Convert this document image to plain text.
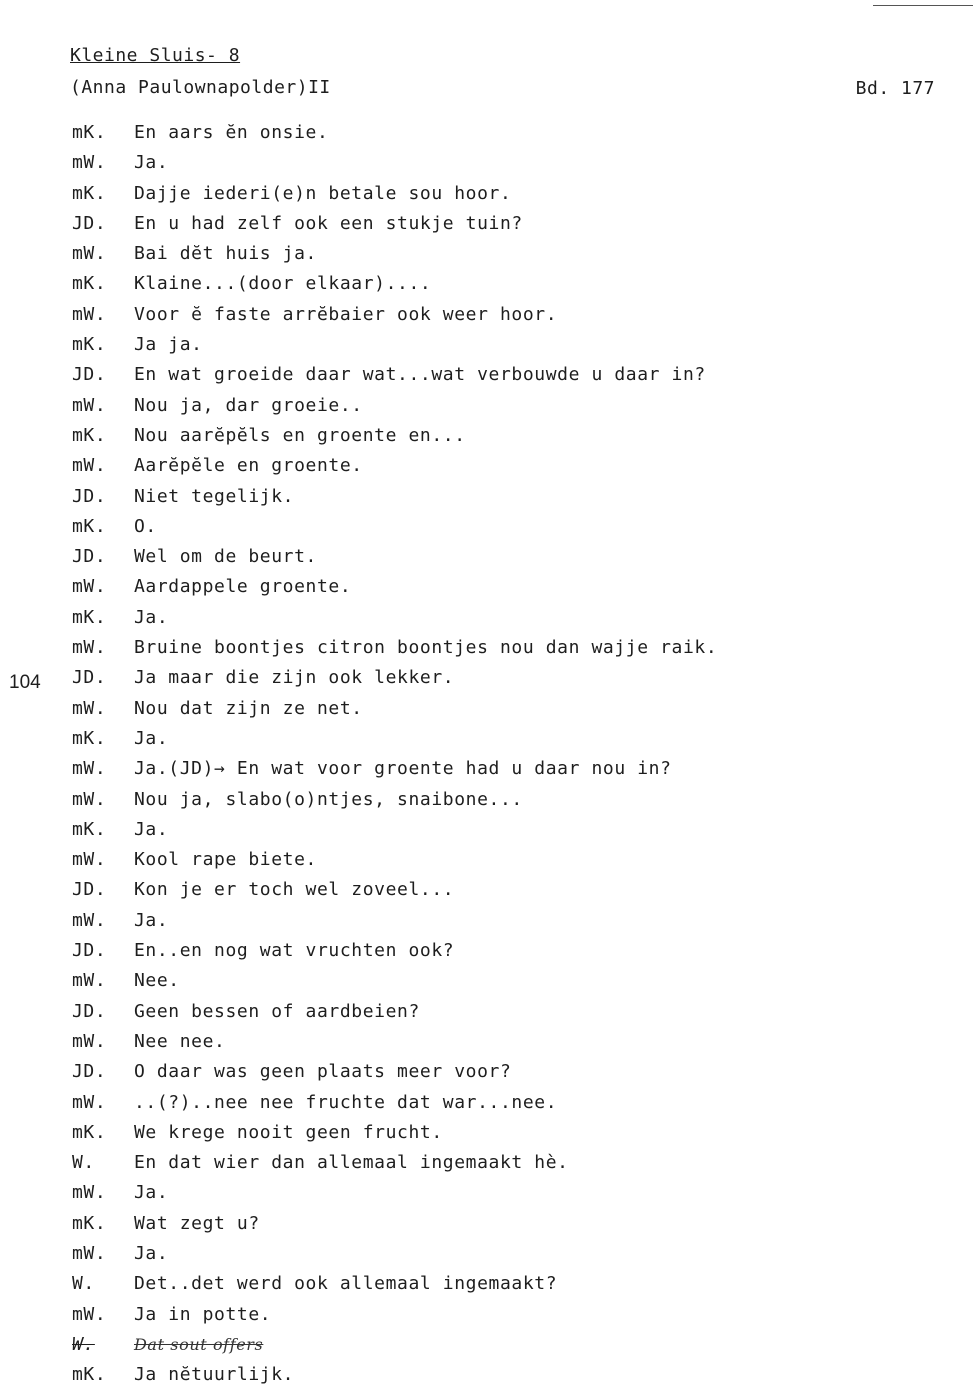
Kleine Sluis- 8
(Anna Paulownapolder)II	Bd. 177
104
mK. En aars ĕn onsie.
mW. Ja.
mK. Dajje iederi(e)n betale sou hoor.
JD. En u had zelf ook een stukje tuin?
mW. Bai dĕt huis ja.
mK. Klaine...(door elkaar)....
mW. Voor ĕ faste arrĕbaier ook weer hoor.
mK. Ja ja.
JD. En wat groeide daar wat...wat verbouwde u daar in?
mW. Nou ja, dar groeie..
mK. Nou aarĕpĕls en groente en...
mW. Aarĕpĕle en groente.
JD. Niet tegelijk.
mK. O.
JD. Wel om de beurt.
mW. Aardappele groente.
mK. Ja.
mW. Bruine boontjes citron boontjes nou dan wajje raik.
JD. Ja maar die zijn ook lekker.
mW. Nou dat zijn ze net.
mK. Ja.
mW. Ja.(JD)→ En wat voor groente had u daar nou in?
mW. Nou ja, slabo(o)ntjes, snaibone...
mK. Ja.
mW. Kool rape biete.
JD. Kon je er toch wel zoveel...
mW. Ja.
JD. En..en nog wat vruchten ook?
mW. Nee.
JD. Geen bessen of aardbeien?
mW. Nee nee.
JD. O daar was geen plaats meer voor?
mW. ..(?)..nee nee fruchte dat war...nee.
mK. We krege nooit geen frucht.
W. En dat wier dan allemaal ingemaakt hè.
mW. Ja.
mK. Wat zegt u?
mW. Ja.
W. Det..det werd ook allemaal ingemaakt?
mW. Ja in potte.
W. Dat sout offers
mK. Ja nĕtuurlijk.
